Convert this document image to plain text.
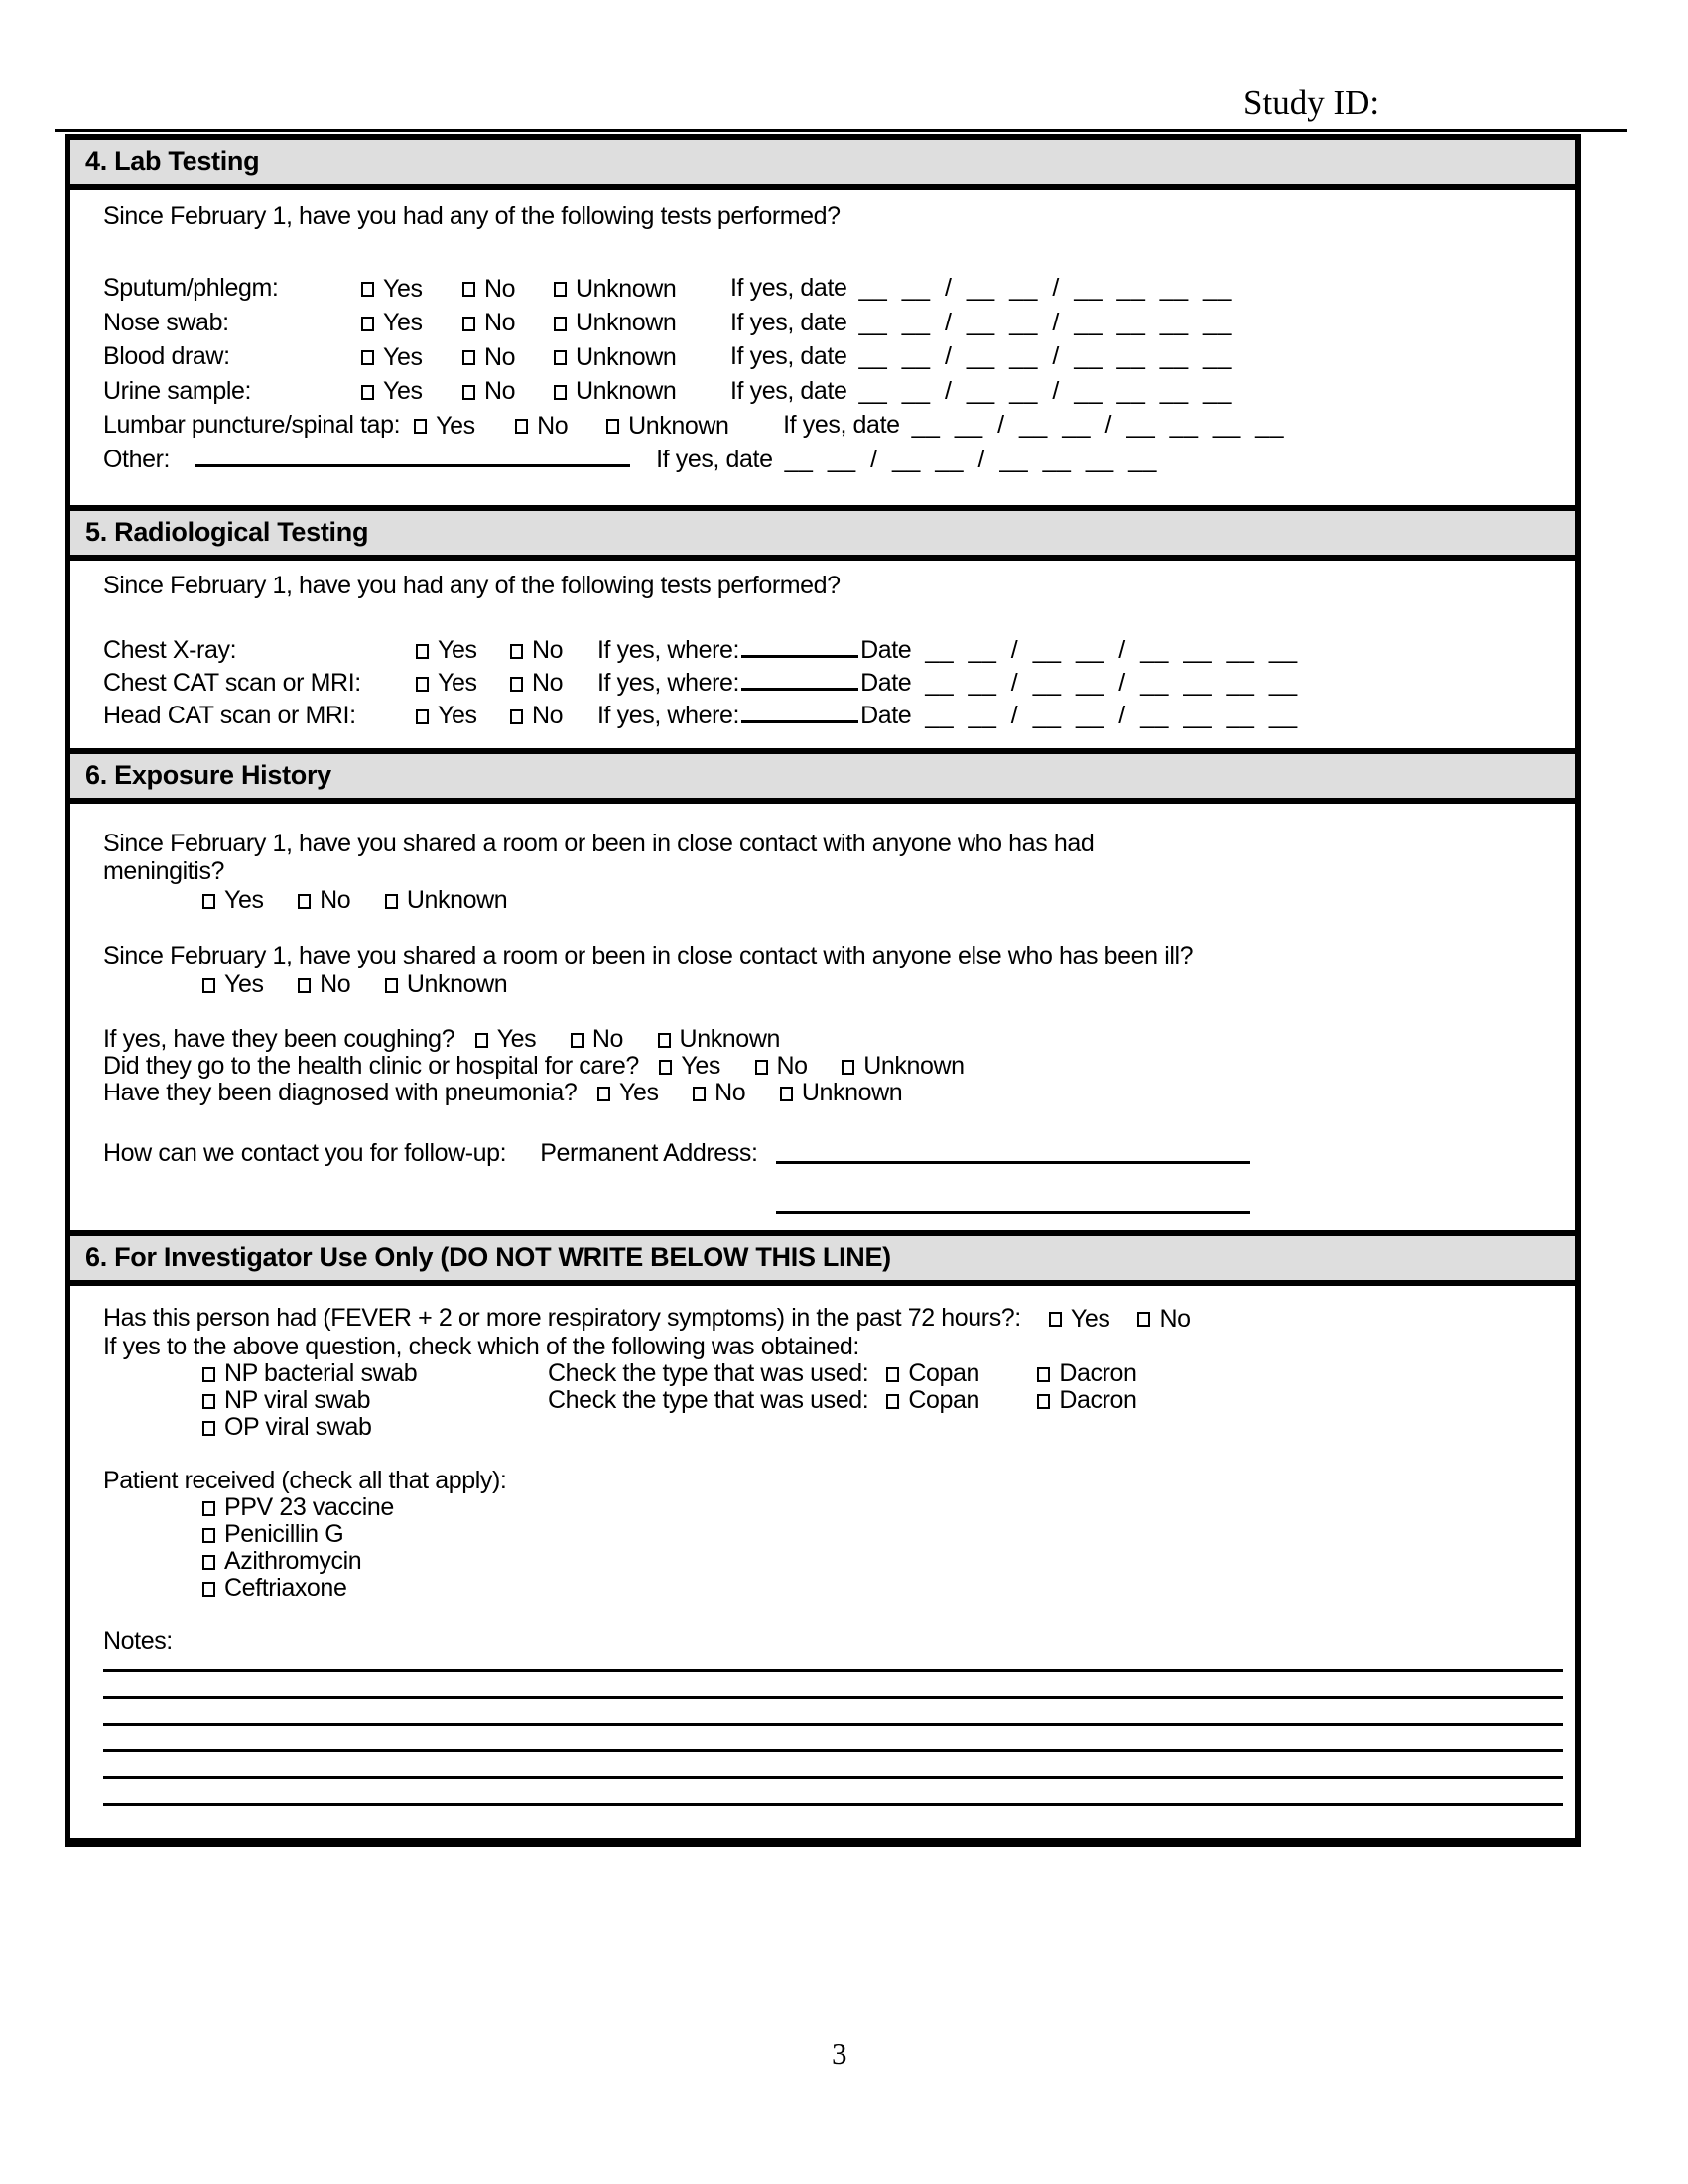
Study ID:
4. Lab Testing
Since February 1, have you had any of the following tests performed?
Sputum/phlegm:	Yes No Unknown If yes, date __ __ / __ __ / __ __ __ __
Nose swab:	Yes No Unknown If yes, date __ __ / __ __ / __ __ __ __
Blood draw:	Yes No Unknown If yes, date __ __ / __ __ / __ __ __ __
Urine sample:	Yes No Unknown If yes, date __ __ / __ __ / __ __ __ __
Lumbar puncture/spinal tap:	Yes No Unknown If yes, date __ __ / __ __ / __ __ __ __
Other:	If yes, date __ __ / __ __ / __ __ __ __
5. Radiological Testing
Since February 1, have you had any of the following tests performed?
Chest X-ray:	Yes No If yes, where:	Date __ __ / __ __ / __ __ __ __
Chest CAT scan or MRI:	Yes No If yes, where:	Date __ __ / __ __ / __ __ __ __
Head CAT scan or MRI:	Yes No If yes, where:	Date __ __ / __ __ / __ __ __ __
6. Exposure History
Since February 1, have you shared a room or been in close contact with anyone who has had
meningitis?
Yes
No
Unknown
Since February 1, have you shared a room or been in close contact with anyone else who has been ill?
Yes
No
Unknown
If yes, have they been coughing? Yes
No
Unknown
Did they go to the health clinic or hospital for care? Yes
No
Unknown
Have they been diagnosed with pneumonia? Yes
No
Unknown
How can we contact you for follow-up: Permanent Address:
6. For Investigator Use Only (DO NOT WRITE BELOW THIS LINE)
Has this person had (FEVER + 2 or more respiratory symptoms) in the past 72 hours?: Yes No
If yes to the above question, check which of the following was obtained:
NP bacterial swab	Check the type that was used:	Copan	Dacron
NP viral swab	Check the type that was used:	Copan	Dacron
OP viral swab
Patient received (check all that apply):
PPV 23 vaccine
Penicillin G
Azithromycin
Ceftriaxone
Notes:
3
